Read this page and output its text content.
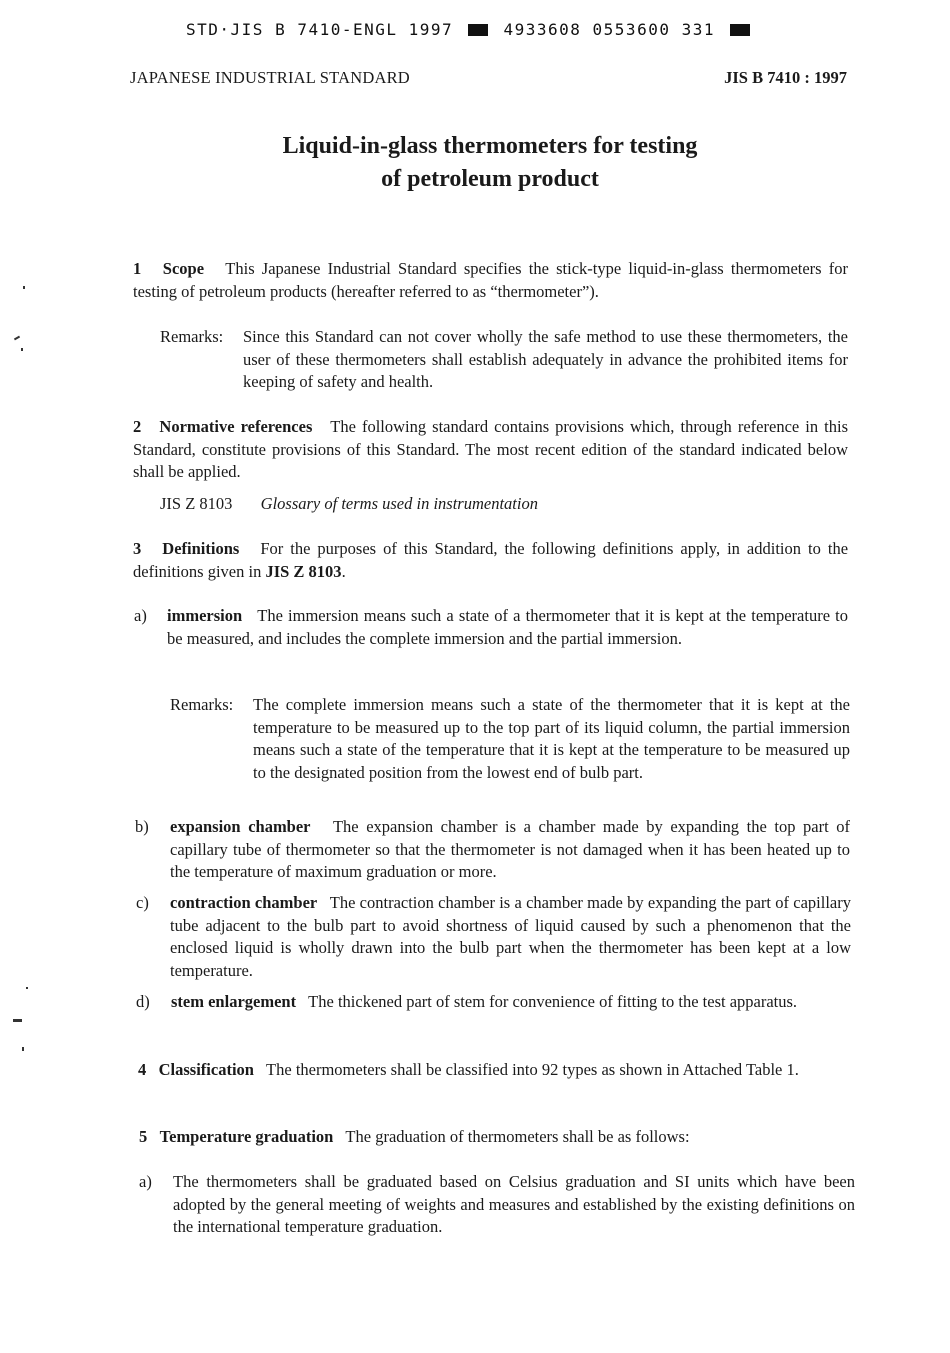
STD·JIS B 7410-ENGL 1997	4933608 0553600 331
JAPANESE INDUSTRIAL STANDARD	JIS B 7410 : 1997
Liquid-in-glass thermometers for testing
of petroleum product
1 Scope This Japanese Industrial Standard specifies the stick-type liquid-in-glass thermometers for testing of petroleum products (hereafter referred to as “thermometer”).
Remarks: Since this Standard can not cover wholly the safe method to use these thermometers, the user of these thermometers shall establish adequately in advance the prohibited items for keeping of safety and health.
2 Normative references The following standard contains provisions which, through reference in this Standard, constitute provisions of this Standard. The most recent edition of the standard indicated below shall be applied.
JIS Z 8103 Glossary of terms used in instrumentation
3 Definitions For the purposes of this Standard, the following definitions apply, in addition to the definitions given in JIS Z 8103.
a) immersion The immersion means such a state of a thermometer that it is kept at the temperature to be measured, and includes the complete immersion and the partial immersion.
Remarks: The complete immersion means such a state of the thermometer that it is kept at the temperature to be measured up to the top part of its liquid column, the partial immersion means such a state of the temperature that it is kept at the temperature to be measured up to the designated position from the lowest end of bulb part.
b) expansion chamber The expansion chamber is a chamber made by expanding the top part of capillary tube of thermometer so that the thermometer is not damaged when it has been heated up to the temperature of maximum graduation or more.
c) contraction chamber The contraction chamber is a chamber made by expanding the part of capillary tube adjacent to the bulb part to avoid shortness of liquid caused by such a phenomenon that the enclosed liquid is wholly drawn into the bulb part when the thermometer has been kept at a low temperature.
d) stem enlargement The thickened part of stem for convenience of fitting to the test apparatus.
4 Classification The thermometers shall be classified into 92 types as shown in Attached Table 1.
5 Temperature graduation The graduation of thermometers shall be as follows:
a) The thermometers shall be graduated based on Celsius graduation and SI units which have been adopted by the general meeting of weights and measures and established by the existing definitions on the international temperature graduation.
